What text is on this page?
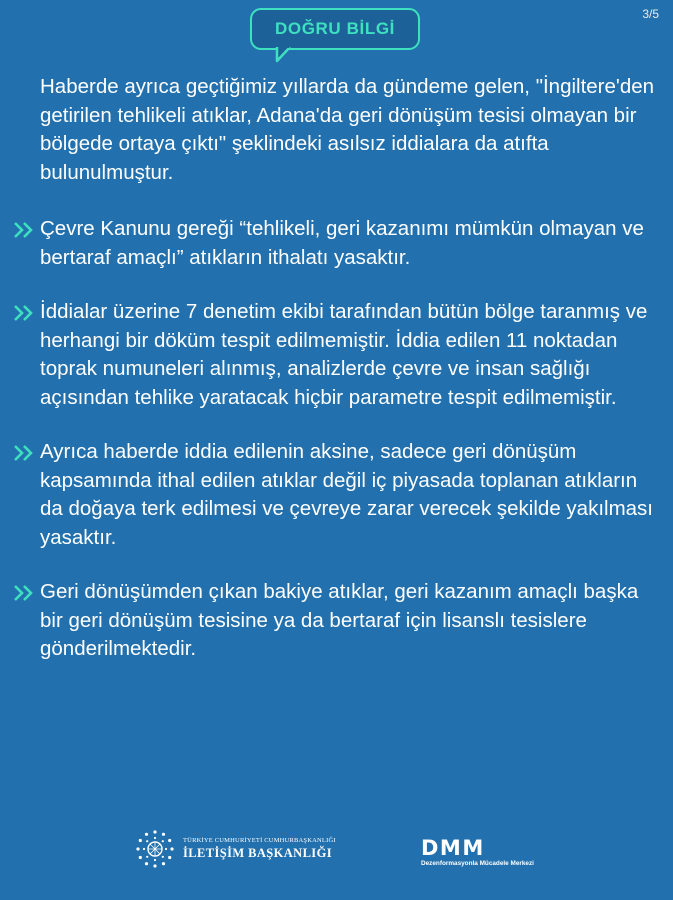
3/5
DOĞRU BİLGİ

Haberde ayrıca geçtiğimiz yıllarda da gündeme gelen, "İngiltere'den getirilen tehlikeli atıklar, Adana'da geri dönüşüm tesisi olmayan bir bölgede ortaya çıktı" şeklindeki asılsız iddialara da atıfta bulunulmuştur.

Çevre Kanunu gereği “tehlikeli, geri kazanımı mümkün olmayan ve bertaraf amaçlı” atıkların ithalatı yasaktır.
İddialar üzerine 7 denetim ekibi tarafından bütün bölge taranmış ve herhangi bir döküm tespit edilmemiştir. İddia edilen 11 noktadan toprak numuneleri alınmış, analizlerde çevre ve insan sağlığı açısından tehlike yaratacak hiçbir parametre tespit edilmemiştir.
Ayrıca haberde iddia edilenin aksine, sadece geri dönüşüm kapsamında ithal edilen atıklar değil iç piyasada toplanan atıkların da doğaya terk edilmesi ve çevreye zarar verecek şekilde yakılması yasaktır.
Geri dönüşümden çıkan bakiye atıklar, geri kazanım amaçlı başka bir geri dönüşüm tesisine ya da bertaraf için lisanslı tesislere gönderilmektedir.
TÜRKİYE CUMHURİYETİ CUMHURBAŞKANLIĞI
İLETİŞİM BAŞKANLIĞI	DMM
Dezenformasyonla Mücadele Merkezi
